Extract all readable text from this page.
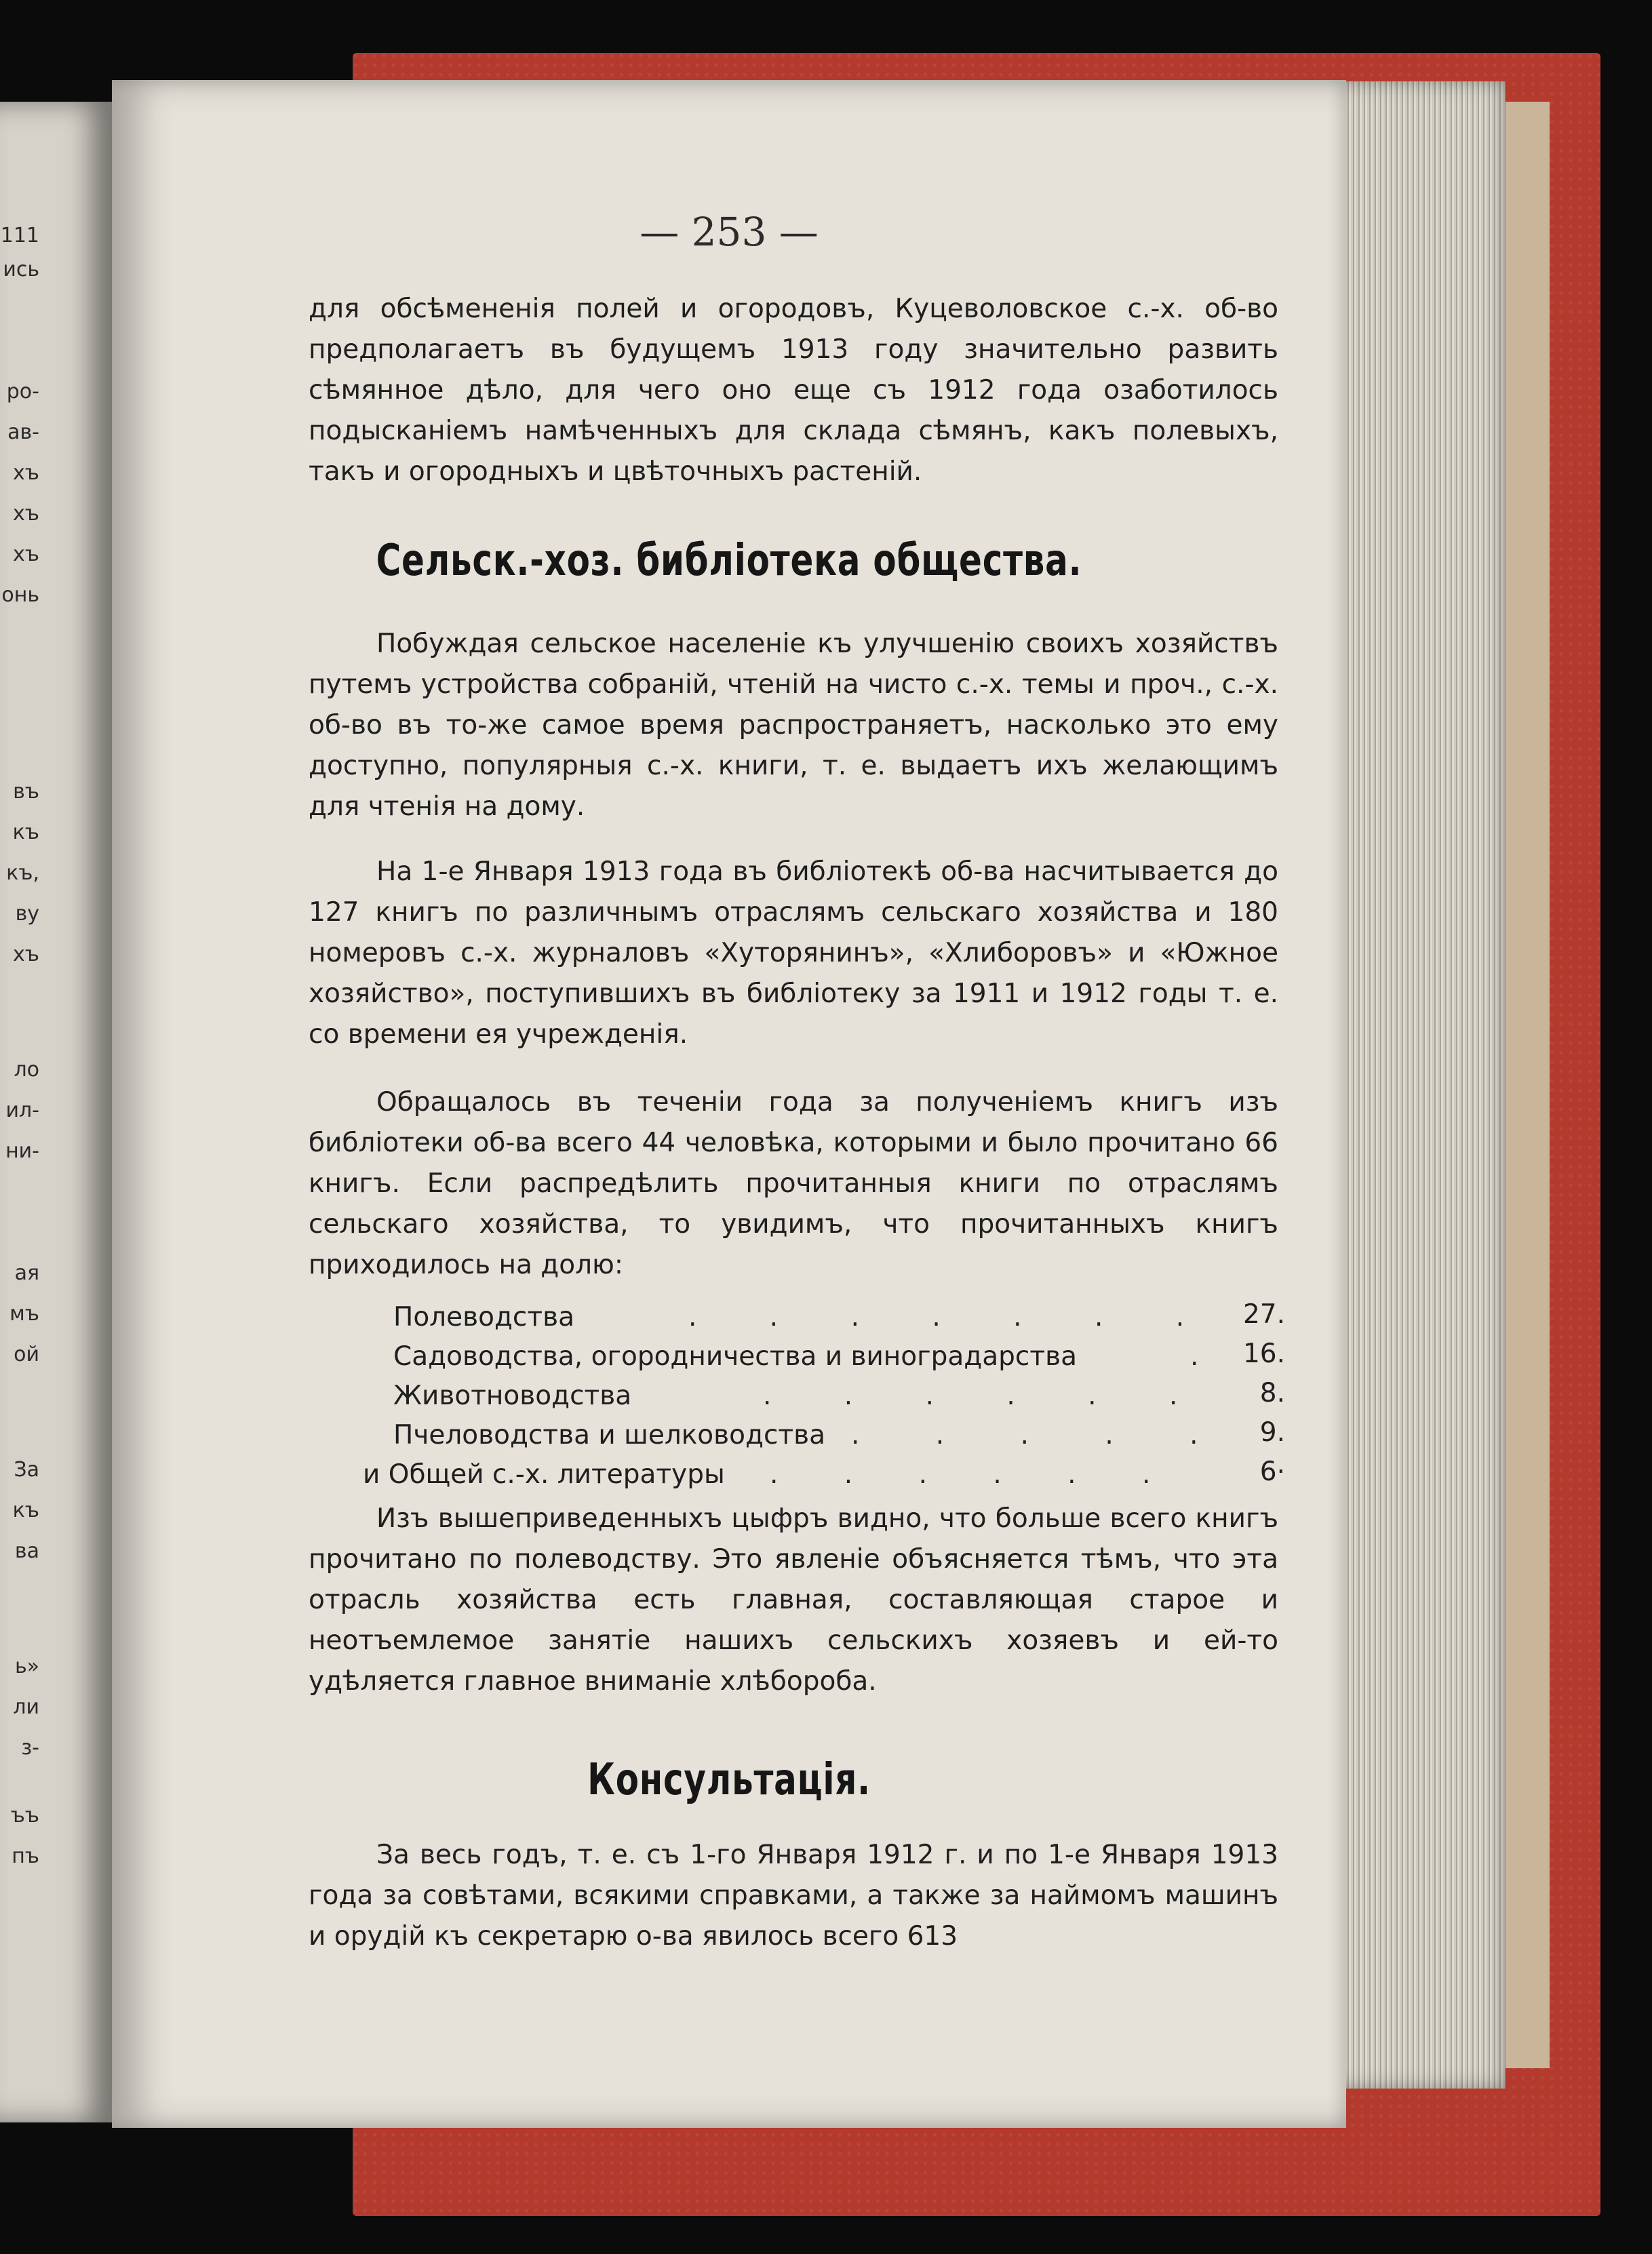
111
ись
ро-
ав-
хъ
хъ
хъ
онь
въ
къ
къ,
ву
хъ
ло
ил-
ни-
ая
мъ
ой
За
къ
ва
ь»
ли
з-
ъъ
пъ
— 253 —

для обсѣмененія полей и огородовъ, Куцеволовское с.-х. об-во предполагаетъ въ будущемъ 1913 году значительно развить сѣмянное дѣло, для чего оно еще съ 1912 года озаботилось подысканіемъ намѣченныхъ для склада сѣмянъ, какъ полевыхъ, такъ и огородныхъ и цвѣточныхъ растеній.

Сельск.-хоз. библіотека общества.

Побуждая сельское населеніе къ улучшенію своихъ хозяйствъ путемъ устройства собраній, чтеній на чисто с.-х. темы и проч., с.-х. об-во въ то-же самое время распространяетъ, насколько это ему доступно, популярныя с.-х. книги, т. е. выдаетъ ихъ желающимъ для чтенія на дому.

На 1-е Января 1913 года въ библіотекѣ об-ва насчитывается до 127 книгъ по различнымъ отраслямъ сельскаго хозяйства и 180 номеровъ с.-х. журналовъ «Хуторянинъ», «Хлиборовъ» и «Южное хозяйство», поступившихъ въ библіотеку за 1911 и 1912 годы т. е. со времени ея учрежденія.

Обращалось въ теченіи года за полученіемъ книгъ изъ библіотеки об-ва всего 44 человѣка, которыми и было прочитано 66 книгъ. Если распредѣлить прочитанныя книги по отраслямъ сельскаго хозяйства, то увидимъ, что прочитанныхъ книгъ приходилось на долю:

Полеводства	. . . . . . .	27.
Садоводства, огородничества и виноградарства	.	16.
Животноводства	. . . . . .	8.
Пчеловодства и шелководства . . . . .	9.
и Общей с.-х. литературы . . . . . .	6·

Изъ вышеприведенныхъ цыфръ видно, что больше всего книгъ прочитано по полеводству. Это явленіе объясняется тѣмъ, что эта отрасль хозяйства есть главная, составляющая старое и неотъемлемое занятіе нашихъ сельскихъ хозяевъ и ей-то удѣляется главное вниманіе хлѣбороба.

Консультація.

За весь годъ, т. е. съ 1-го Января 1912 г. и по 1-е Января 1913 года за совѣтами, всякими справками, а также за наймомъ машинъ и орудій къ секретарю о-ва явилось всего 613
